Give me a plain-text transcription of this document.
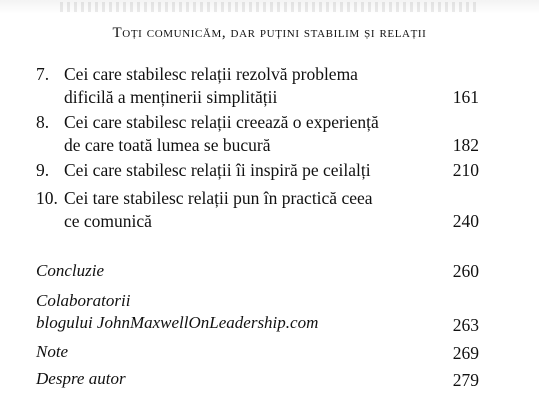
Toți comunicăm, dar puțini stabilim și relații
7. Cei care stabilesc relații rezolvă problema
dificilă a menținerii simplității	161
8. Cei care stabilesc relații creează o experiență
de care toată lumea se bucură	182
9. Cei care stabilesc relații îi inspiră pe ceilalți	210
10. Cei tare stabilesc relații pun în practică ceea
ce comunică	240
Concluzie	260
Colaboratorii
blogului JohnMaxwellOnLeadership.com	263
Note	269
Despre autor	279
